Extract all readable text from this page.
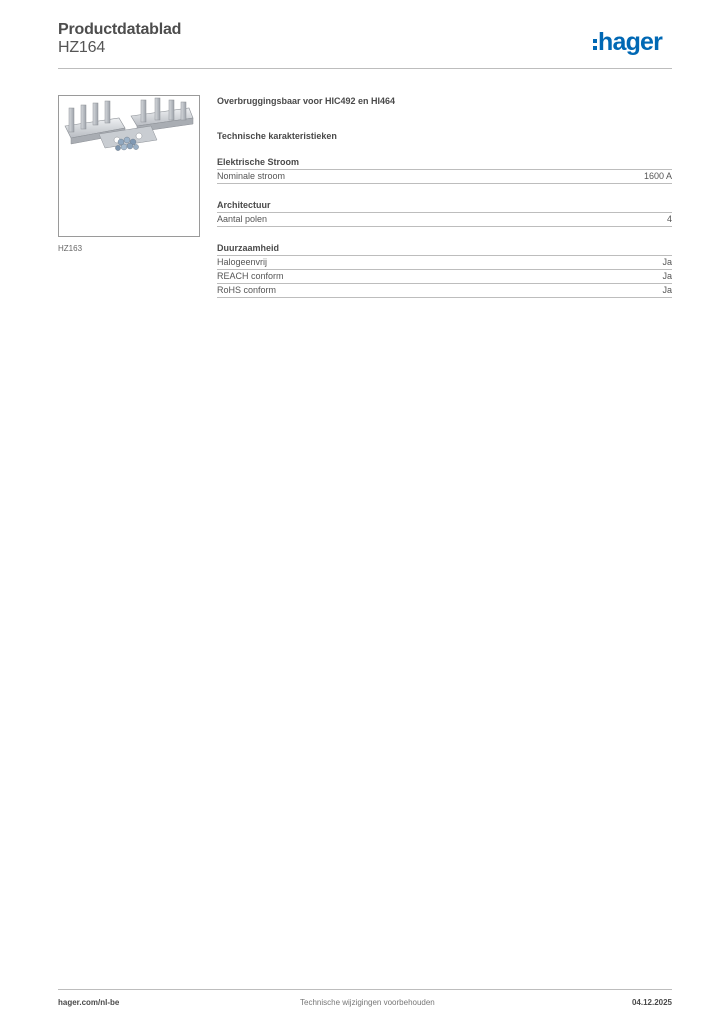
Productdatablad
HZ164	hager
HZ163

Overbruggingsbaar voor HIC492 en HI464

Technische karakteristieken

Elektrische Stroom
Nominale stroom	1600 A
Architectuur
Aantal polen	4
Duurzaamheid
Halogeenvrij	Ja
REACH conform	Ja
RoHS conform	Ja
hager.com/nl-be	Technische wijzigingen voorbehouden	04.12.2025
